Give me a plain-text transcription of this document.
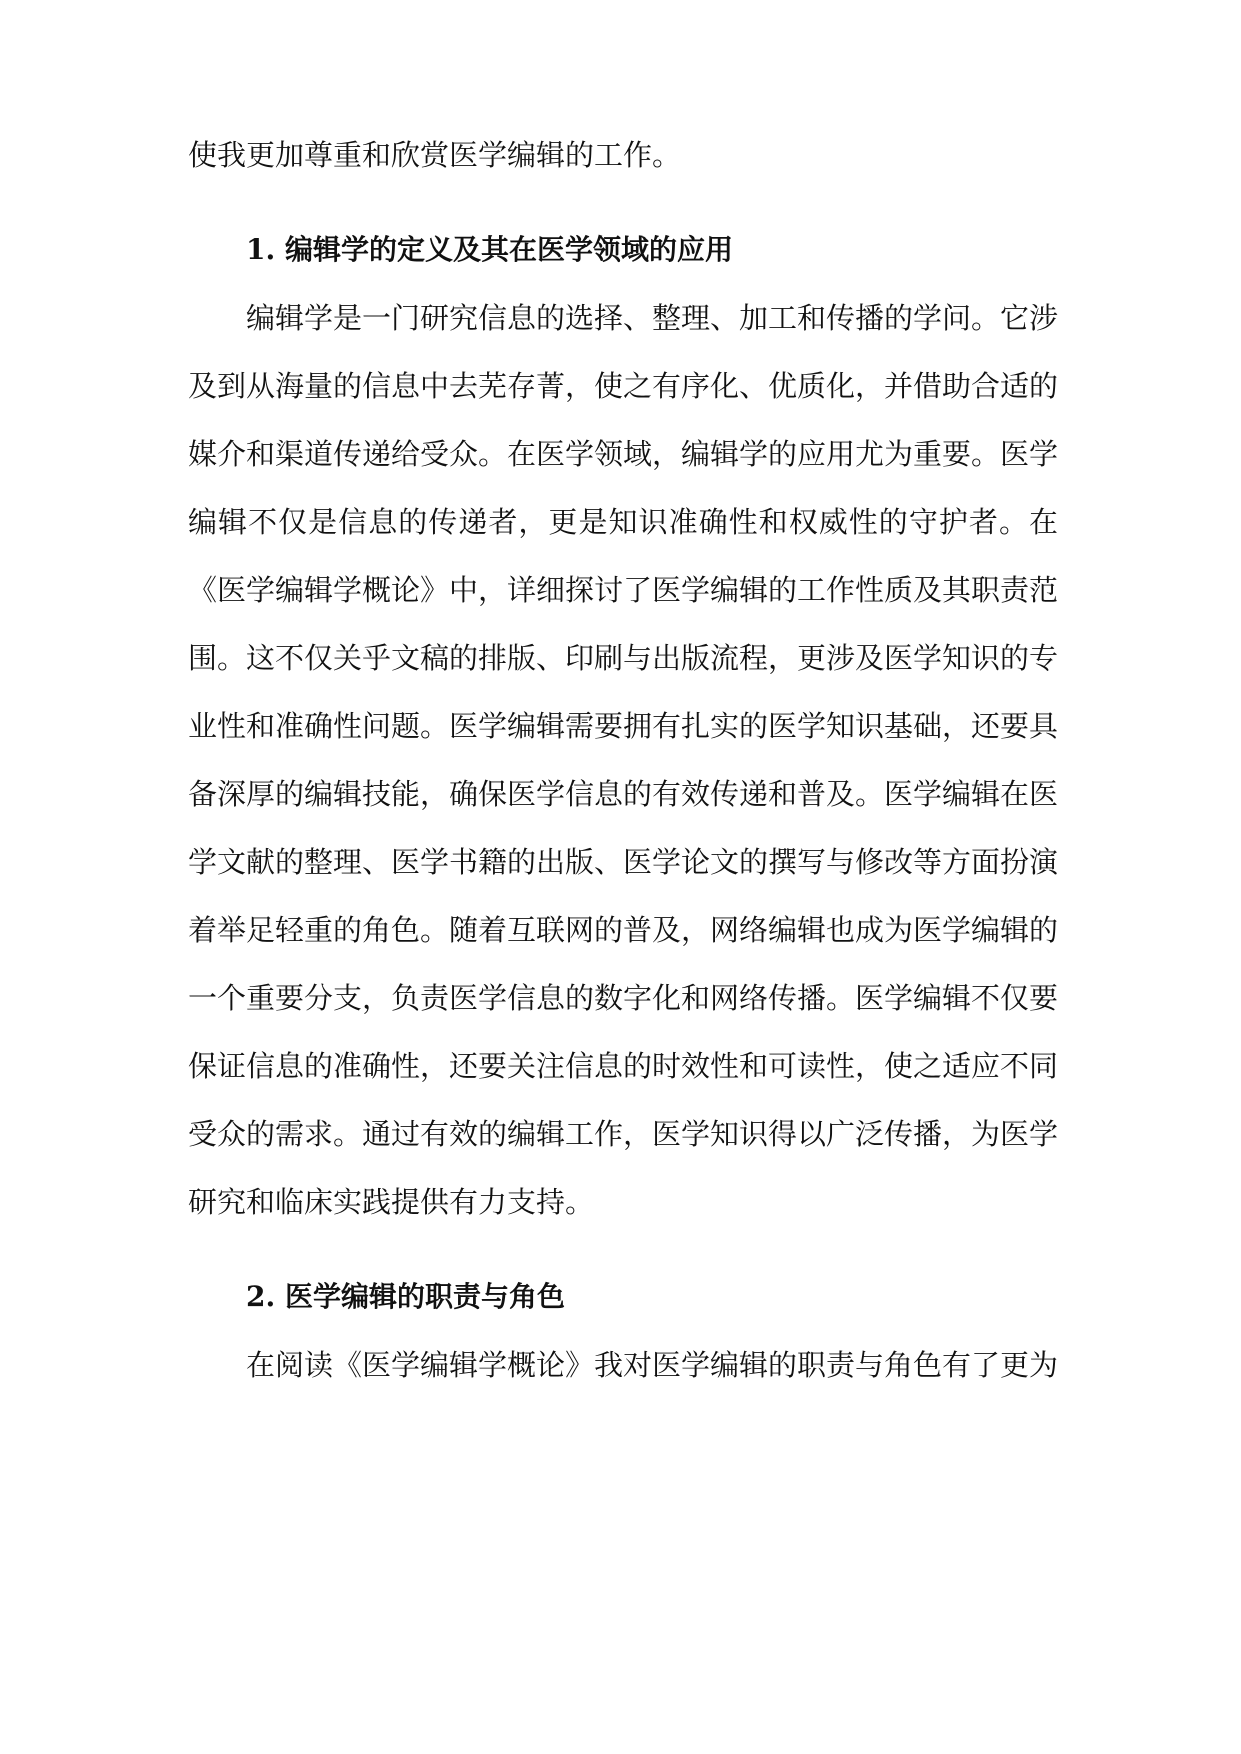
使我更加尊重和欣赏医学编辑的工作。
1. 编辑学的定义及其在医学领域的应用
编辑学是一门研究信息的选择、整理、加工和传播的学问。它涉
及到从海量的信息中去芜存菁，使之有序化、优质化，并借助合适的
媒介和渠道传递给受众。在医学领域，编辑学的应用尤为重要。医学
编辑不仅是信息的传递者，更是知识准确性和权威性的守护者。在
《医学编辑学概论》中，详细探讨了医学编辑的工作性质及其职责范
围。这不仅关乎文稿的排版、印刷与出版流程，更涉及医学知识的专
业性和准确性问题。医学编辑需要拥有扎实的医学知识基础，还要具
备深厚的编辑技能，确保医学信息的有效传递和普及。医学编辑在医
学文献的整理、医学书籍的出版、医学论文的撰写与修改等方面扮演
着举足轻重的角色。随着互联网的普及，网络编辑也成为医学编辑的
一个重要分支，负责医学信息的数字化和网络传播。医学编辑不仅要
保证信息的准确性，还要关注信息的时效性和可读性，使之适应不同
受众的需求。通过有效的编辑工作，医学知识得以广泛传播，为医学
研究和临床实践提供有力支持。
2. 医学编辑的职责与角色
在阅读《医学编辑学概论》我对医学编辑的职责与角色有了更为
